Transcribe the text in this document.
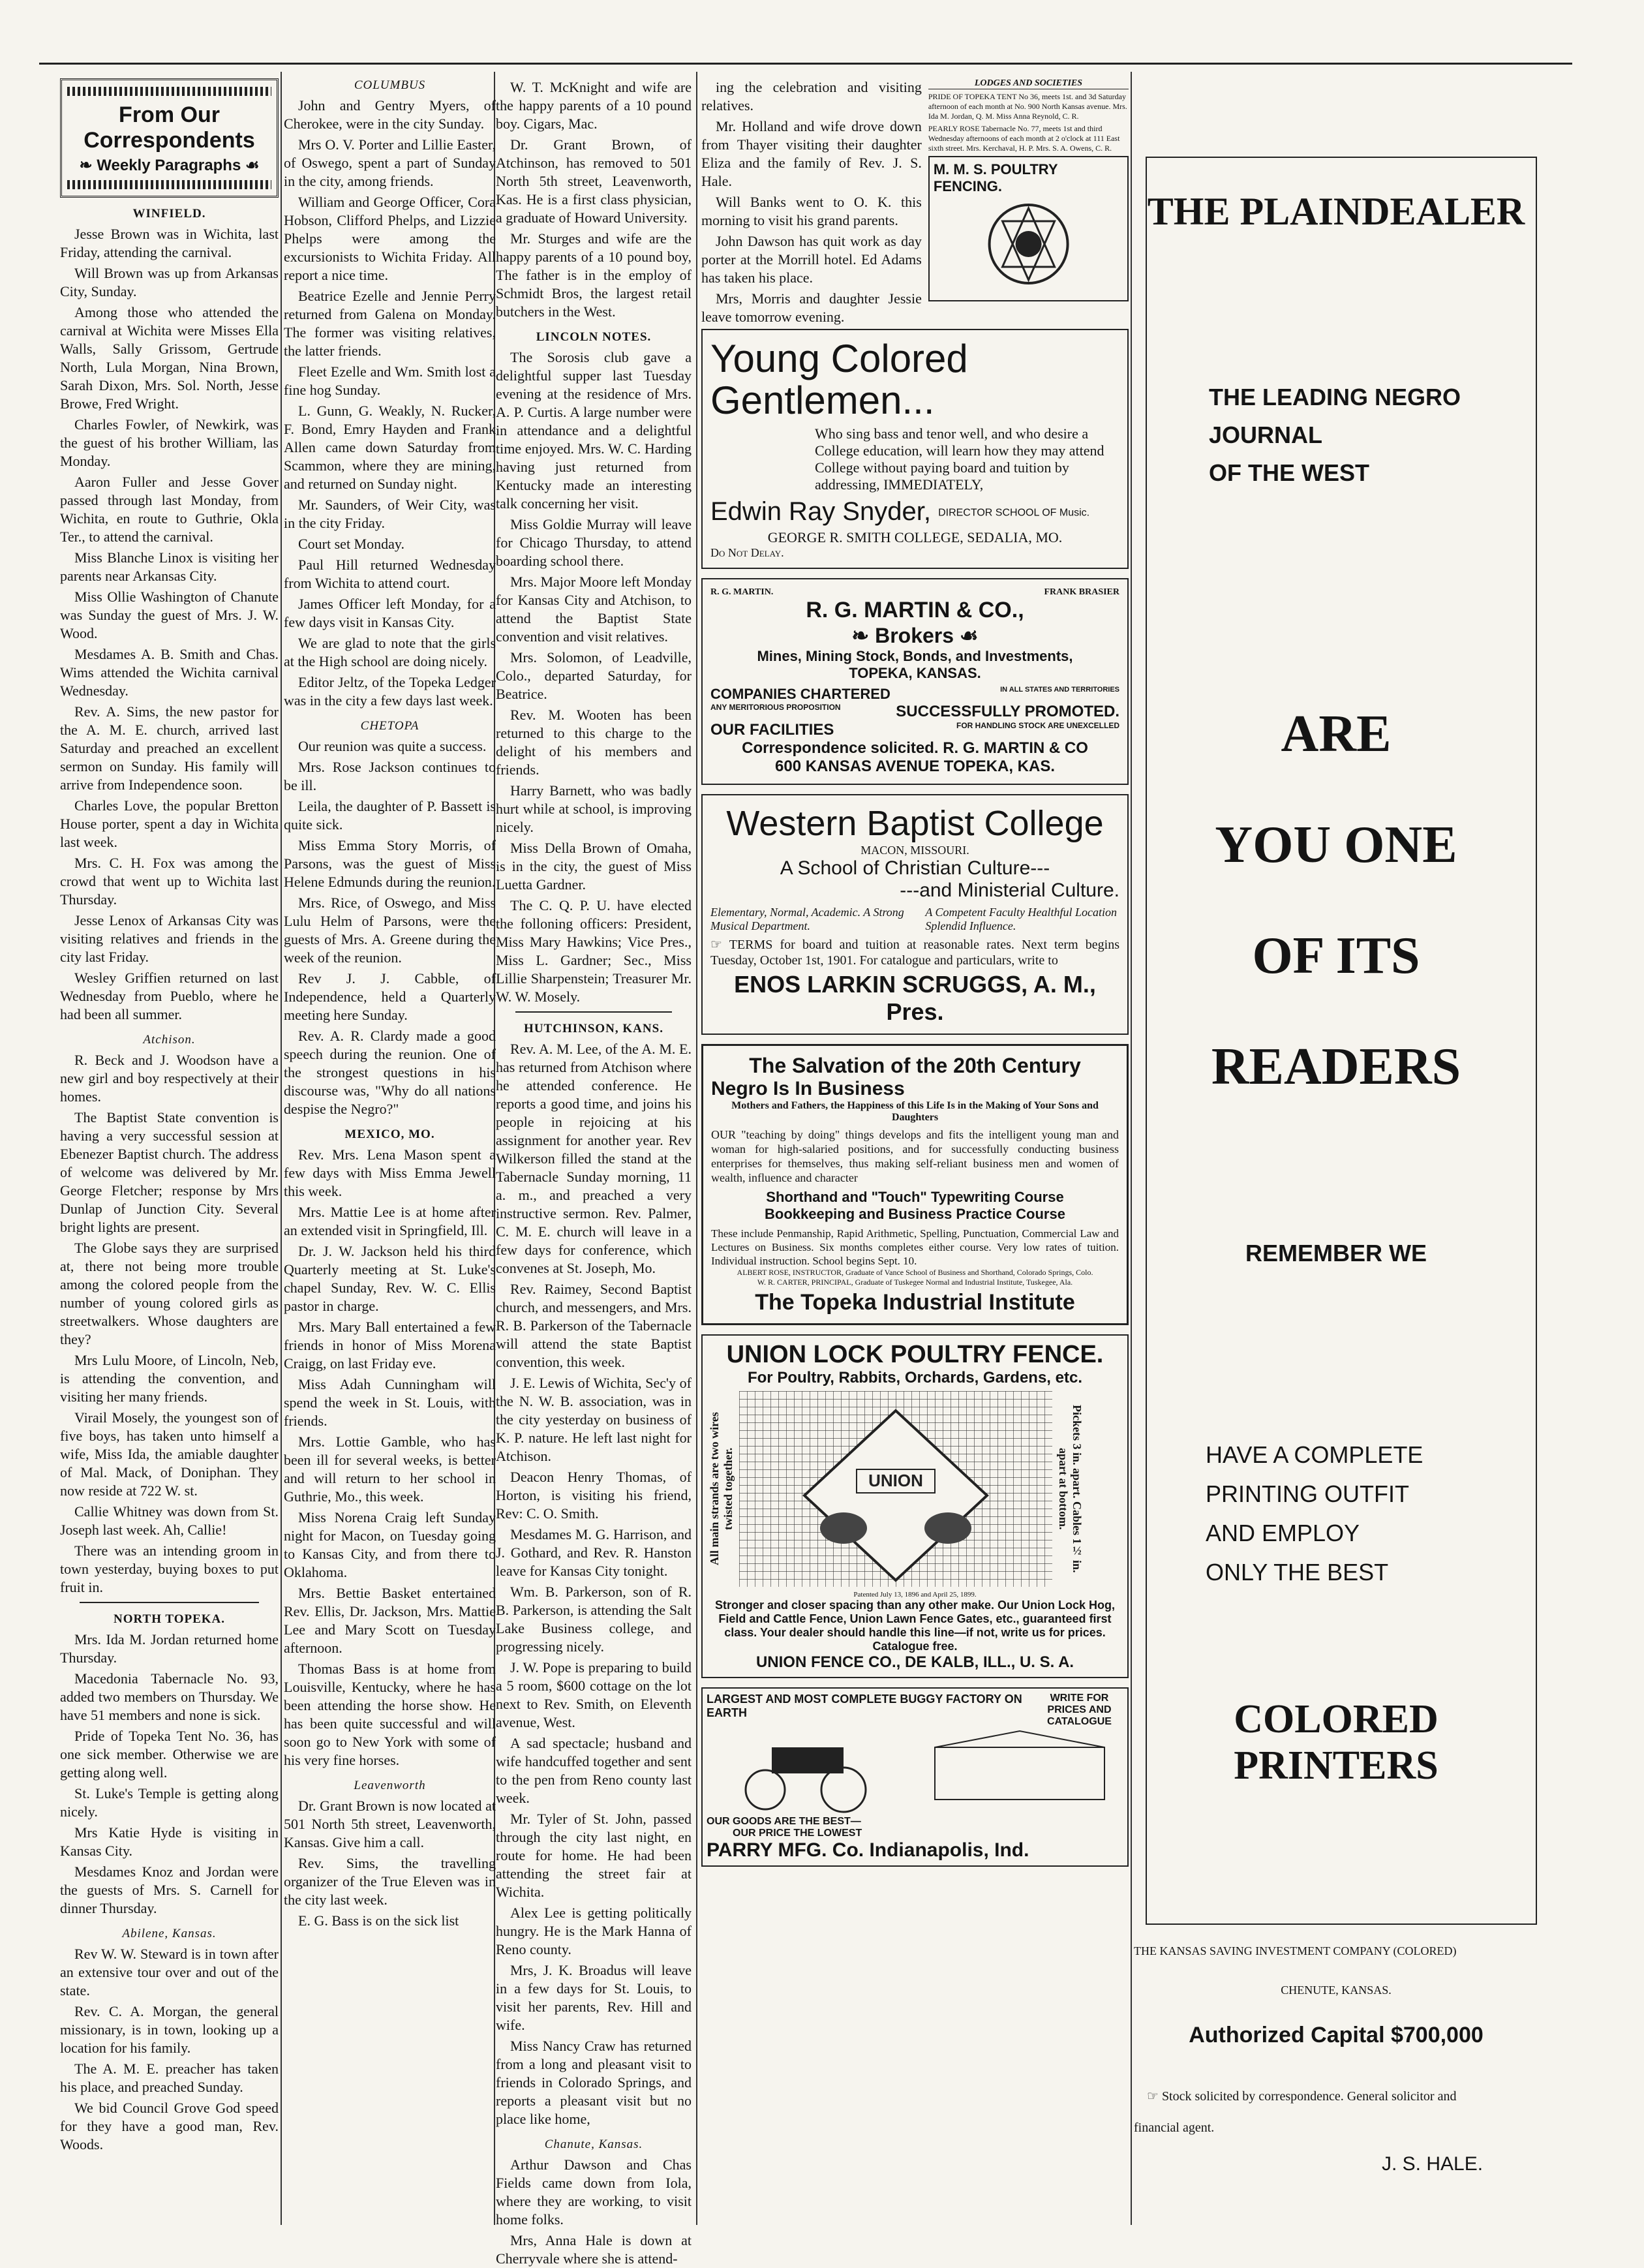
From Our Correspondents
❧ Weekly Paragraphs ☙
WINFIELD.

Jesse Brown was in Wichita, last Friday, attending the carnival.

Will Brown was up from Arkansas City, Sunday.

Among those who attended the carnival at Wichita were Misses Ella Walls, Sally Grissom, Gertrude North, Lula Morgan, Nina Brown, Sarah Dixon, Mrs. Sol. North, Jesse Browe, Fred Wright.

Charles Fowler, of Newkirk, was the guest of his brother William, las Monday.

Aaron Fuller and Jesse Gover passed through last Monday, from Wichita, en route to Guthrie, Okla Ter., to attend the carnival.

Miss Blanche Linox is visiting her parents near Arkansas City.

Miss Ollie Washington of Chanute was Sunday the guest of Mrs. J. W. Wood.

Mesdames A. B. Smith and Chas. Wims attended the Wichita carnival Wednesday.

Rev. A. Sims, the new pastor for the A. M. E. church, arrived last Saturday and preached an excellent sermon on Sunday. His family will arrive from Independence soon.

Charles Love, the popular Bretton House porter, spent a day in Wichita last week.

Mrs. C. H. Fox was among the crowd that went up to Wichita last Thursday.

Jesse Lenox of Arkansas City was visiting relatives and friends in the city last Friday.

Wesley Griffien returned on last Wednesday from Pueblo, where he had been all summer.

Atchison.

R. Beck and J. Woodson have a new girl and boy respectively at their homes.

The Baptist State convention is having a very successful session at Ebenezer Baptist church. The address of welcome was delivered by Mr. George Fletcher; response by Mrs Dunlap of Junction City. Several bright lights are present.

The Globe says they are surprised at, there not being more trouble among the colored people from the number of young colored girls as streetwalkers. Whose daughters are they?

Mrs Lulu Moore, of Lincoln, Neb, is attending the convention, and visiting her many friends.

Virail Mosely, the youngest son of five boys, has taken unto himself a wife, Miss Ida, the amiable daughter of Mal. Mack, of Doniphan. They now reside at 722 W. st.

Callie Whitney was down from St. Joseph last week. Ah, Callie!

There was an intending groom in town yesterday, buying boxes to put fruit in.

NORTH TOPEKA.

Mrs. Ida M. Jordan returned home Thursday.

Macedonia Tabernacle No. 93, added two members on Thursday. We have 51 members and none is sick.

Pride of Topeka Tent No. 36, has one sick member. Otherwise we are getting along well.

St. Luke's Temple is getting along nicely.

Mrs Katie Hyde is visiting in Kansas City.

Mesdames Knoz and Jordan were the guests of Mrs. S. Carnell for dinner Thursday.

Abilene, Kansas.

Rev W. W. Steward is in town after an extensive tour over and out of the state.

Rev. C. A. Morgan, the general missionary, is in town, looking up a location for his family.

The A. M. E. preacher has taken his place, and preached Sunday.

We bid Council Grove God speed for they have a good man, Rev. Woods.

COLUMBUS

John and Gentry Myers, of Cherokee, were in the city Sunday.

Mrs O. V. Porter and Lillie Easter, of Oswego, spent a part of Sunday in the city, among friends.

William and George Officer, Cora Hobson, Clifford Phelps, and Lizzie Phelps were among the excursionists to Wichita Friday. All report a nice time.

Beatrice Ezelle and Jennie Perry returned from Galena on Monday. The former was visiting relatives, the latter friends.

Fleet Ezelle and Wm. Smith lost a fine hog Sunday.

L. Gunn, G. Weakly, N. Rucker, F. Bond, Emry Hayden and Frank Allen came down Saturday from Scammon, where they are mining, and returned on Sunday night.

Mr. Saunders, of Weir City, was in the city Friday.

Court set Monday.

Paul Hill returned Wednesday from Wichita to attend court.

James Officer left Monday, for a few days visit in Kansas City.

We are glad to note that the girls at the High school are doing nicely.

Editor Jeltz, of the Topeka Ledger was in the city a few days last week.

CHETOPA

Our reunion was quite a success.

Mrs. Rose Jackson continues to be ill.

Leila, the daughter of P. Bassett is quite sick.

Miss Emma Story Morris, of Parsons, was the guest of Miss Helene Edmunds during the reunion.

Mrs. Rice, of Oswego, and Miss Lulu Helm of Parsons, were the guests of Mrs. A. Greene during the week of the reunion.

Rev J. J. Cabble, of Independence, held a Quarterly meeting here Sunday.

Rev. A. R. Clardy made a good speech during the reunion. One of the strongest questions in his discourse was, "Why do all nations despise the Negro?"

MEXICO, MO.

Rev. Mrs. Lena Mason spent a few days with Miss Emma Jewell this week.

Mrs. Mattie Lee is at home after an extended visit in Springfield, Ill.

Dr. J. W. Jackson held his third Quarterly meeting at St. Luke's chapel Sunday, Rev. W. C. Ellis pastor in charge.

Mrs. Mary Ball entertained a few friends in honor of Miss Morena Craigg, on last Friday eve.

Miss Adah Cunningham will spend the week in St. Louis, with friends.

Mrs. Lottie Gamble, who has been ill for several weeks, is better and will return to her school in Guthrie, Mo., this week.

Miss Norena Craig left Sunday night for Macon, on Tuesday going to Kansas City, and from there to Oklahoma.

Mrs. Bettie Basket entertained Rev. Ellis, Dr. Jackson, Mrs. Mattie Lee and Mary Scott on Tuesday afternoon.

Thomas Bass is at home from Louisville, Kentucky, where he has been attending the horse show. He has been quite successful and will soon go to New York with some of his very fine horses.

Leavenworth

Dr. Grant Brown is now located at 501 North 5th street, Leavenworth, Kansas. Give him a call.

Rev. Sims, the travelling organizer of the True Eleven was in the city last week.

E. G. Bass is on the sick list

W. T. McKnight and wife are the happy parents of a 10 pound boy. Cigars, Mac.

Dr. Grant Brown, of Atchinson, has removed to 501 North 5th street, Leavenworth, Kas. He is a first class physician, a graduate of Howard University.

Mr. Sturges and wife are the happy parents of a 10 pound boy, The father is in the employ of Schmidt Bros, the largest retail butchers in the West.

LINCOLN NOTES.

The Sorosis club gave a delightful supper last Tuesday evening at the residence of Mrs. A. P. Curtis. A large number were in attendance and a delightful time enjoyed. Mrs. W. C. Harding having just returned from Kentucky made an interesting talk concerning her visit.

Miss Goldie Murray will leave for Chicago Thursday, to attend boarding school there.

Mrs. Major Moore left Monday for Kansas City and Atchison, to attend the Baptist State convention and visit relatives.

Mrs. Solomon, of Leadville, Colo., departed Saturday, for Beatrice.

Rev. M. Wooten has been returned to this charge to the delight of his members and friends.

Harry Barnett, who was badly hurt while at school, is improving nicely.

Miss Della Brown of Omaha, is in the city, the guest of Miss Luetta Gardner.

The C. Q. P. U. have elected the folloning officers: President, Miss Mary Hawkins; Vice Pres., Miss L. Gardner; Sec., Miss Lillie Sharpenstein; Treasurer Mr. W. W. Mosely.

HUTCHINSON, KANS.

Rev. A. M. Lee, of the A. M. E. has returned from Atchison where he attended conference. He reports a good time, and joins his people in rejoicing at his assignment for another year. Rev Wilkerson filled the stand at the Tabernacle Sunday morning, 11 a. m., and preached a very instructive sermon. Rev. Palmer, C. M. E. church will leave in a few days for conference, which convenes at St. Joseph, Mo.

Rev. Raimey, Second Baptist church, and messengers, and Mrs. R. B. Parkerson of the Tabernacle will attend the state Baptist convention, this week.

J. E. Lewis of Wichita, Sec'y of the N. W. B. association, was in the city yesterday on business of K. P. nature. He left last night for Atchison.

Deacon Henry Thomas, of Horton, is visiting his friend, Rev: C. O. Smith.

Mesdames M. G. Harrison, and J. Gothard, and Rev. R. Hanston leave for Kansas City tonight.

Wm. B. Parkerson, son of R. B. Parkerson, is attending the Salt Lake Business college, and progressing nicely.

J. W. Pope is preparing to build a 5 room, $600 cottage on the lot next to Rev. Smith, on Eleventh avenue, West.

A sad spectacle; husband and wife handcuffed together and sent to the pen from Reno county last week.

Mr. Tyler of St. John, passed through the city last night, en route for home. He had been attending the street fair at Wichita.

Alex Lee is getting politically hungry. He is the Mark Hanna of Reno county.

Mrs, J. K. Broadus will leave in a few days for St. Louis, to visit her parents, Rev. Hill and wife.

Miss Nancy Craw has returned from a long and pleasant visit to friends in Colorado Springs, and reports a pleasant visit but no place like home,

Chanute, Kansas.

Arthur Dawson and Chas Fields came down from Iola, where they are working, to visit home folks.

Mrs, Anna Hale is down at Cherryvale where she is attend-

ing the celebration and visiting relatives.

Mr. Holland and wife drove down from Thayer visiting their daughter Eliza and the family of Rev. J. S. Hale.

Will Banks went to O. K. this morning to visit his grand parents.

John Dawson has quit work as day porter at the Morrill hotel. Ed Adams has taken his place.

Mrs, Morris and daughter Jessie leave tomorrow evening.

LODGES AND SOCIETIES

PRIDE OF TOPEKA TENT No 36, meets 1st. and 3d Saturday afternoon of each month at No. 900 North Kansas avenue. Mrs. Ida M. Jordan, Q. M. Miss Anna Reynold, C. R.

PEARLY ROSE Tabernacle No. 77, meets 1st and third Wednesday afternoons of each month at 2 o'clock at 111 East sixth street. Mrs. Kerchaval, H. P. Mrs. S. A. Owens, C. R.

M. M. S. POULTRY FENCING.
Young Colored Gentlemen...

Who sing bass and tenor well, and who desire a College education, will learn how they may attend College without paying board and tuition by addressing, IMMEDIATELY,

Edwin Ray Snyder, DIRECTOR SCHOOL OF Music.
GEORGE R. SMITH COLLEGE, SEDALIA, MO.
Do Not Delay.
R. G. MARTIN.	FRANK BRASIER
R. G. MARTIN & CO.,
❧ Brokers ☙
Mines, Mining Stock, Bonds, and Investments,
TOPEKA, KANSAS.
COMPANIES CHARTERED	IN ALL STATES AND TERRITORIES
ANY MERITORIOUS PROPOSITION	SUCCESSFULLY PROMOTED.
OUR FACILITIES	FOR HANDLING STOCK ARE UNEXCELLED
Correspondence solicited. R. G. MARTIN & CO
600 KANSAS AVENUE TOPEKA, KAS.
Western Baptist College
MACON, MISSOURI.
A School of Christian Culture---
---and Ministerial Culture.
Elementary, Normal, Academic. A Strong Musical Department.
A Competent Faculty Healthful Location Splendid Influence.

☞ TERMS for board and tuition at reasonable rates. Next term begins Tuesday, October 1st, 1901. For catalogue and particulars, write to

ENOS LARKIN SCRUGGS, A. M., Pres.
The Salvation of the 20th Century
Negro Is In Business
Mothers and Fathers, the Happiness of this Life Is in the Making of Your Sons and Daughters

OUR "teaching by doing" things develops and fits the intelligent young man and woman for high-salaried positions, and for successfully conducting business enterprises for themselves, thus making self-reliant business men and women of wealth, influence and character

Shorthand and "Touch" Typewriting Course
Bookkeeping and Business Practice Course

These include Penmanship, Rapid Arithmetic, Spelling, Punctuation, Commercial Law and Lectures on Business. Six months completes either course. Very low rates of tuition. Individual instruction. School begins Sept. 10.

ALBERT ROSE, INSTRUCTOR, Graduate of Vance School of Business and Shorthand, Colorado Springs, Colo.

W. R. CARTER, PRINCIPAL, Graduate of Tuskegee Normal and Industrial Institute, Tuskegee, Ala.

The Topeka Industrial Institute
UNION LOCK POULTRY FENCE.
For Poultry, Rabbits, Orchards, Gardens, etc.
All main strands are two wires twisted together.	UNION	Pickets 3 in. apart. Cables 1½ in. apart at bottom.
Patented July 13, 1896 and April 25, 1899.

Stronger and closer spacing than any other make. Our Union Lock Hog, Field and Cattle Fence, Union Lawn Fence Gates, etc., guaranteed first class. Your dealer should handle this line—if not, write us for prices. Catalogue free.

UNION FENCE CO., DE KALB, ILL., U. S. A.
LARGEST AND MOST COMPLETE BUGGY FACTORY ON EARTH
WRITE FOR PRICES AND CATALOGUE
OUR GOODS ARE THE BEST—
OUR PRICE THE LOWEST
PARRY MFG. Co. Indianapolis, Ind.
THE PLAINDEALER
THE LEADING NEGRO
JOURNAL
OF THE WEST
ARE
YOU ONE
OF ITS
READERS
REMEMBER WE
HAVE A COMPLETE
PRINTING OUTFIT
AND EMPLOY
ONLY THE BEST
COLORED PRINTERS
THE KANSAS SAVING INVESTMENT COMPANY (COLORED)
CHENUTE, KANSAS.
Authorized Capital $700,000
☞ Stock solicited by correspondence. General solicitor and
financial agent.
J. S. HALE.
